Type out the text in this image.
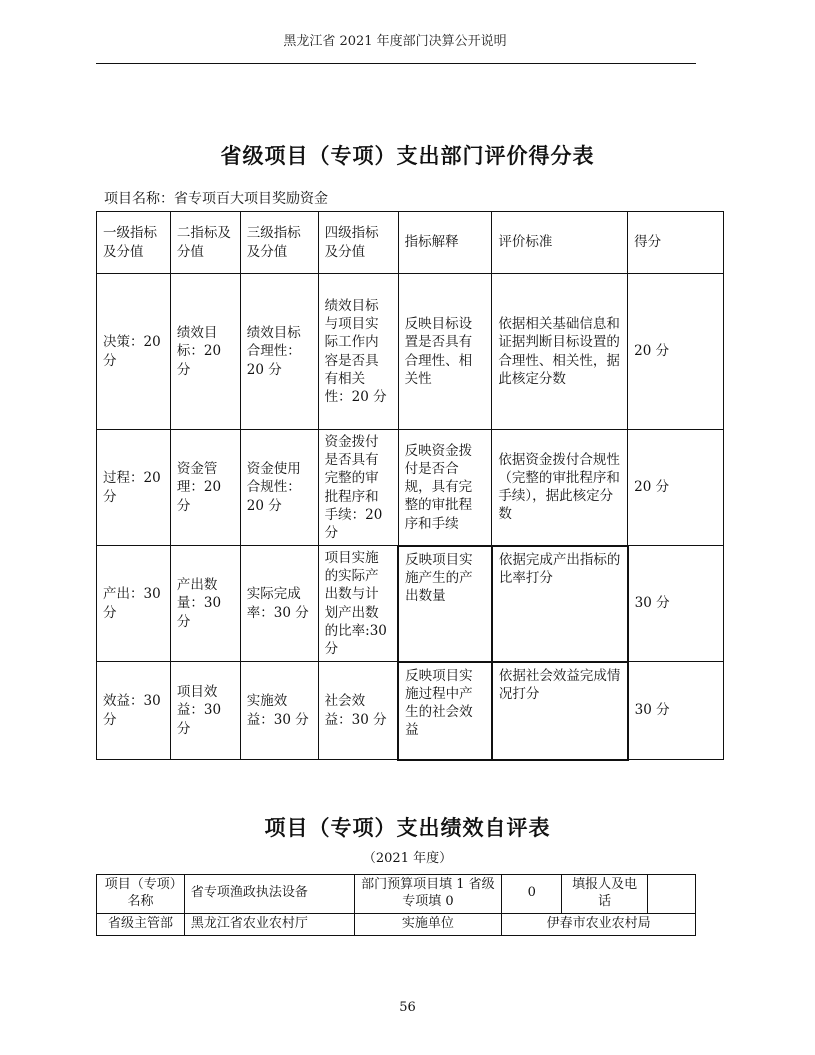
黑龙江省 2021 年度部门决算公开说明
省级项目（专项）支出部门评价得分表
项目名称：省专项百大项目奖励资金
一级指标及分值	二指标及分值	三级指标及分值	四级指标及分值	指标解释	评价标准	得分
决策：20分	绩效目标：20分	绩效目标合理性：20 分	绩效目标与项目实际工作内容是否具有相关性：20 分	反映目标设置是否具有合理性、相关性	依据相关基础信息和证据判断目标设置的合理性、相关性，据此核定分数	20 分
过程：20分	资金管理：20分	资金使用合规性：20 分	资金拨付是否具有完整的审批程序和手续：20分	反映资金拨付是否合规，具有完整的审批程序和手续	依据资金拨付合规性（完整的审批程序和手续），据此核定分数	20 分
产出：30分	产出数量：30分	实际完成率：30 分	项目实施的实际产出数与计划产出数的比率:30分	反映项目实施产生的产出数量	依据完成产出指标的比率打分	30 分
效益：30分	项目效益：30分	实施效益：30 分	社会效益：30 分	反映项目实施过程中产生的社会效益	依据社会效益完成情况打分	30 分
项目（专项）支出绩效自评表
（2021 年度）
项目（专项）名称	省专项渔政执法设备	部门预算项目填 1 省级专项填 0	0	填报人及电话	
省级主管部	黑龙江省农业农村厅	实施单位	伊春市农业农村局		
56
